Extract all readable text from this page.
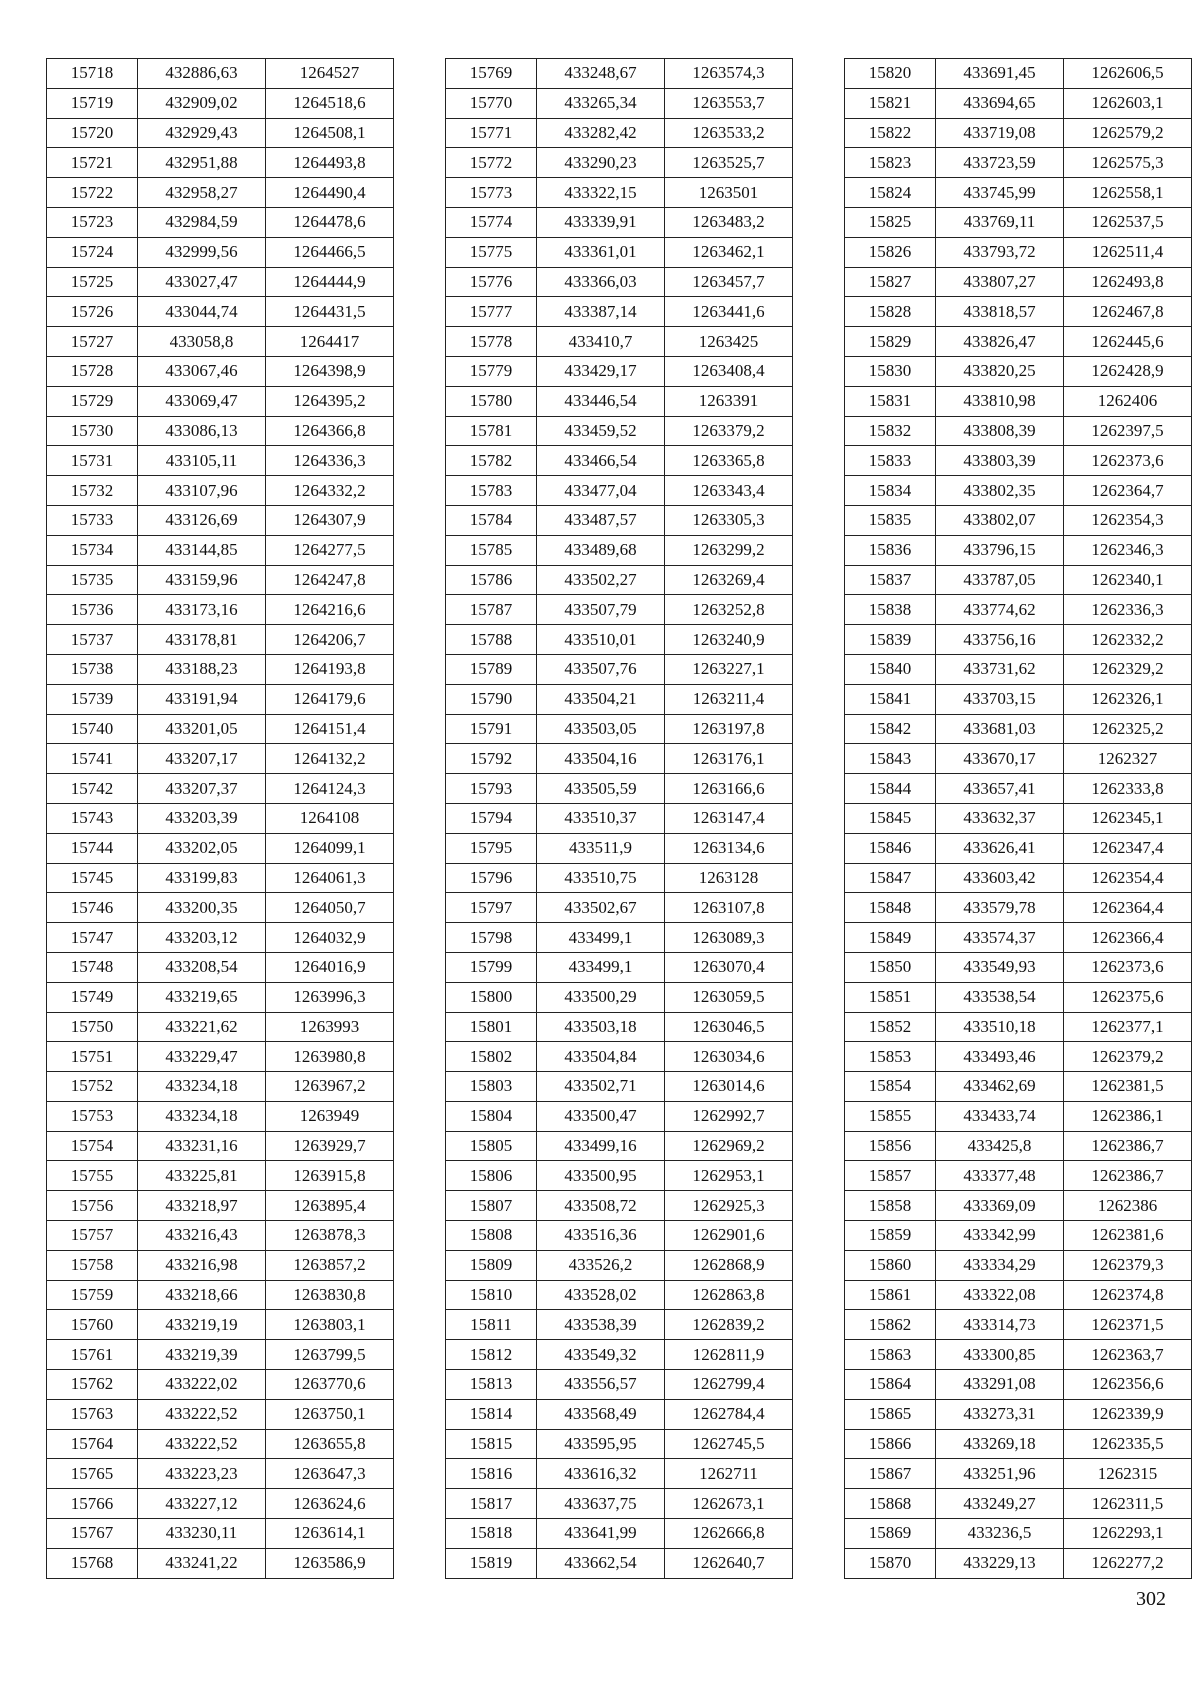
15718	432886,63	1264527
15719	432909,02	1264518,6
15720	432929,43	1264508,1
15721	432951,88	1264493,8
15722	432958,27	1264490,4
15723	432984,59	1264478,6
15724	432999,56	1264466,5
15725	433027,47	1264444,9
15726	433044,74	1264431,5
15727	433058,8	1264417
15728	433067,46	1264398,9
15729	433069,47	1264395,2
15730	433086,13	1264366,8
15731	433105,11	1264336,3
15732	433107,96	1264332,2
15733	433126,69	1264307,9
15734	433144,85	1264277,5
15735	433159,96	1264247,8
15736	433173,16	1264216,6
15737	433178,81	1264206,7
15738	433188,23	1264193,8
15739	433191,94	1264179,6
15740	433201,05	1264151,4
15741	433207,17	1264132,2
15742	433207,37	1264124,3
15743	433203,39	1264108
15744	433202,05	1264099,1
15745	433199,83	1264061,3
15746	433200,35	1264050,7
15747	433203,12	1264032,9
15748	433208,54	1264016,9
15749	433219,65	1263996,3
15750	433221,62	1263993
15751	433229,47	1263980,8
15752	433234,18	1263967,2
15753	433234,18	1263949
15754	433231,16	1263929,7
15755	433225,81	1263915,8
15756	433218,97	1263895,4
15757	433216,43	1263878,3
15758	433216,98	1263857,2
15759	433218,66	1263830,8
15760	433219,19	1263803,1
15761	433219,39	1263799,5
15762	433222,02	1263770,6
15763	433222,52	1263750,1
15764	433222,52	1263655,8
15765	433223,23	1263647,3
15766	433227,12	1263624,6
15767	433230,11	1263614,1
15768	433241,22	1263586,9
15769	433248,67	1263574,3
15770	433265,34	1263553,7
15771	433282,42	1263533,2
15772	433290,23	1263525,7
15773	433322,15	1263501
15774	433339,91	1263483,2
15775	433361,01	1263462,1
15776	433366,03	1263457,7
15777	433387,14	1263441,6
15778	433410,7	1263425
15779	433429,17	1263408,4
15780	433446,54	1263391
15781	433459,52	1263379,2
15782	433466,54	1263365,8
15783	433477,04	1263343,4
15784	433487,57	1263305,3
15785	433489,68	1263299,2
15786	433502,27	1263269,4
15787	433507,79	1263252,8
15788	433510,01	1263240,9
15789	433507,76	1263227,1
15790	433504,21	1263211,4
15791	433503,05	1263197,8
15792	433504,16	1263176,1
15793	433505,59	1263166,6
15794	433510,37	1263147,4
15795	433511,9	1263134,6
15796	433510,75	1263128
15797	433502,67	1263107,8
15798	433499,1	1263089,3
15799	433499,1	1263070,4
15800	433500,29	1263059,5
15801	433503,18	1263046,5
15802	433504,84	1263034,6
15803	433502,71	1263014,6
15804	433500,47	1262992,7
15805	433499,16	1262969,2
15806	433500,95	1262953,1
15807	433508,72	1262925,3
15808	433516,36	1262901,6
15809	433526,2	1262868,9
15810	433528,02	1262863,8
15811	433538,39	1262839,2
15812	433549,32	1262811,9
15813	433556,57	1262799,4
15814	433568,49	1262784,4
15815	433595,95	1262745,5
15816	433616,32	1262711
15817	433637,75	1262673,1
15818	433641,99	1262666,8
15819	433662,54	1262640,7
15820	433691,45	1262606,5
15821	433694,65	1262603,1
15822	433719,08	1262579,2
15823	433723,59	1262575,3
15824	433745,99	1262558,1
15825	433769,11	1262537,5
15826	433793,72	1262511,4
15827	433807,27	1262493,8
15828	433818,57	1262467,8
15829	433826,47	1262445,6
15830	433820,25	1262428,9
15831	433810,98	1262406
15832	433808,39	1262397,5
15833	433803,39	1262373,6
15834	433802,35	1262364,7
15835	433802,07	1262354,3
15836	433796,15	1262346,3
15837	433787,05	1262340,1
15838	433774,62	1262336,3
15839	433756,16	1262332,2
15840	433731,62	1262329,2
15841	433703,15	1262326,1
15842	433681,03	1262325,2
15843	433670,17	1262327
15844	433657,41	1262333,8
15845	433632,37	1262345,1
15846	433626,41	1262347,4
15847	433603,42	1262354,4
15848	433579,78	1262364,4
15849	433574,37	1262366,4
15850	433549,93	1262373,6
15851	433538,54	1262375,6
15852	433510,18	1262377,1
15853	433493,46	1262379,2
15854	433462,69	1262381,5
15855	433433,74	1262386,1
15856	433425,8	1262386,7
15857	433377,48	1262386,7
15858	433369,09	1262386
15859	433342,99	1262381,6
15860	433334,29	1262379,3
15861	433322,08	1262374,8
15862	433314,73	1262371,5
15863	433300,85	1262363,7
15864	433291,08	1262356,6
15865	433273,31	1262339,9
15866	433269,18	1262335,5
15867	433251,96	1262315
15868	433249,27	1262311,5
15869	433236,5	1262293,1
15870	433229,13	1262277,2
302
